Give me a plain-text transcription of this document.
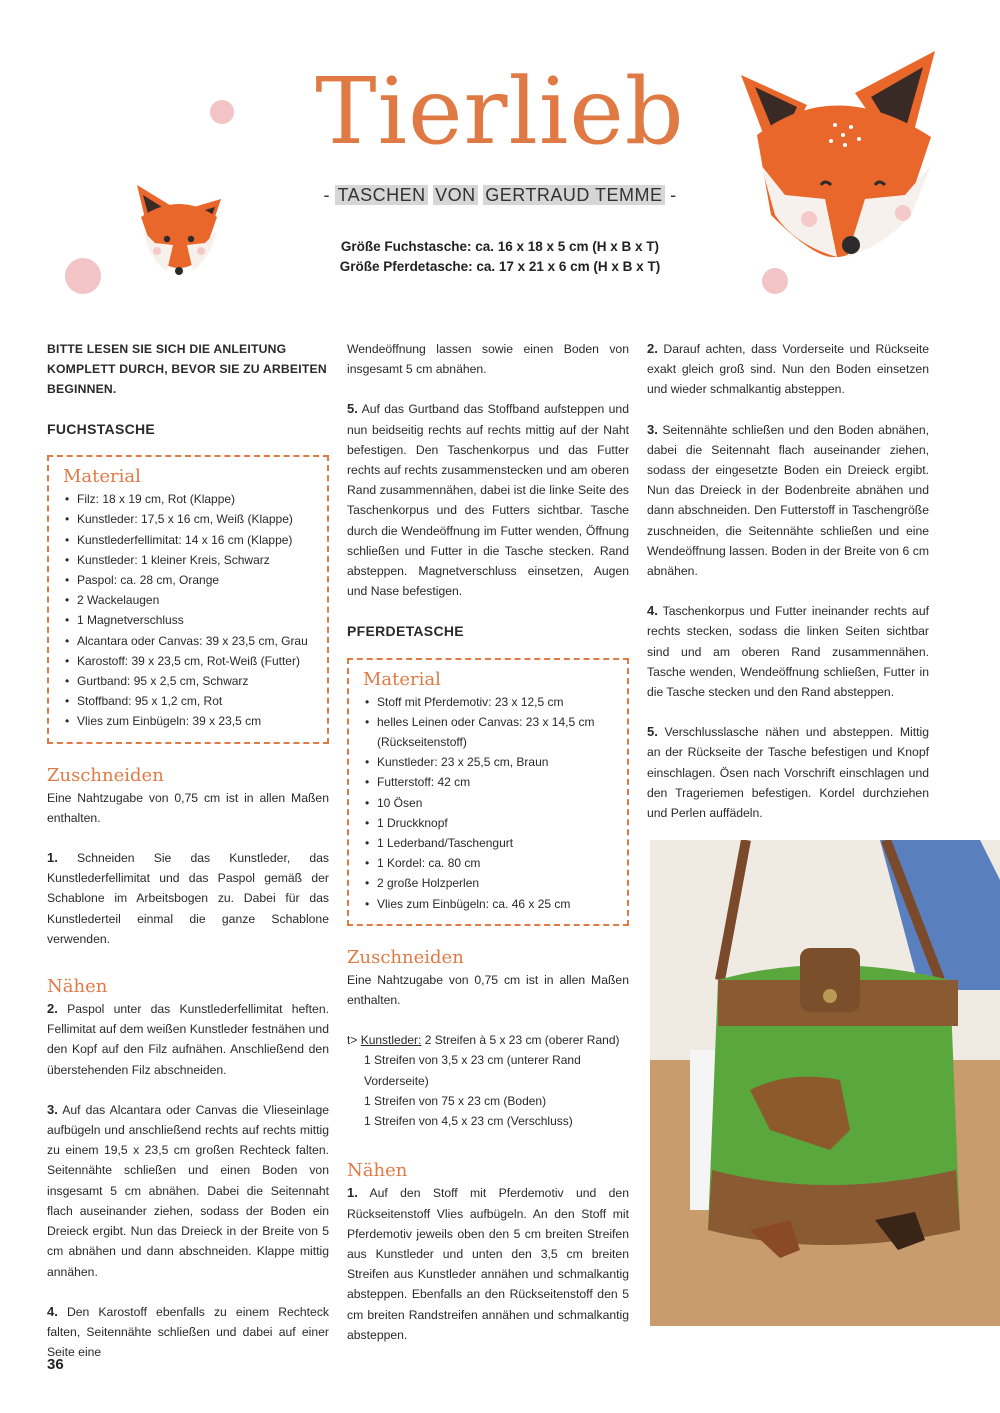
Tierlieb
- TASCHEN VON GERTRAUD TEMME -
Größe Fuchstasche: ca. 16 x 18 x 5 cm (H x B x T)
Größe Pferdetasche: ca. 17 x 21 x 6 cm (H x B x T)
BITTE LESEN SIE SICH DIE ANLEITUNG KOMPLETT DURCH, BEVOR SIE ZU ARBEITEN BEGINNEN.
FUCHSTASCHE
Material
• Filz: 18 x 19 cm, Rot (Klappe)
• Kunstleder: 17,5 x 16 cm, Weiß (Klappe)
• Kunstlederfellimitat: 14 x 16 cm (Klappe)
• Kunstleder: 1 kleiner Kreis, Schwarz
• Paspol: ca. 28 cm, Orange
• 2 Wackelaugen
• 1 Magnetverschluss
• Alcantara oder Canvas: 39 x 23,5 cm, Grau
• Karostoff: 39 x 23,5 cm, Rot-Weiß (Futter)
• Gurtband: 95 x 2,5 cm, Schwarz
• Stoffband: 95 x 1,2 cm, Rot
• Vlies zum Einbügeln: 39 x 23,5 cm
Zuschneiden

Eine Nahtzugabe von 0,75 cm ist in allen Maßen enthalten.

1. Schneiden Sie das Kunstleder, das Kunstlederfellimitat und das Paspol gemäß der Schablone im Arbeitsbogen zu. Dabei für das Kunstlederteil einmal die ganze Schablone verwenden.

Nähen

2. Paspol unter das Kunstlederfellimitat heften. Fellimitat auf dem weißen Kunstleder festnähen und den Kopf auf den Filz aufnähen. Anschließend den überstehenden Filz abschneiden.

3. Auf das Alcantara oder Canvas die Vlieseinlage aufbügeln und anschließend rechts auf rechts mittig zu einem 19,5 x 23,5 cm großen Rechteck falten. Seitennähte schließen und einen Boden von insgesamt 5 cm abnähen. Dabei die Seitennaht flach auseinander ziehen, sodass der Boden ein Dreieck ergibt. Nun das Dreieck in der Breite von 5 cm abnähen und dann abschneiden. Klappe mittig annähen.

4. Den Karostoff ebenfalls zu einem Rechteck falten, Seitennähte schließen und dabei auf einer Seite eine

Wendeöffnung lassen sowie einen Boden von insgesamt 5 cm abnähen.

5. Auf das Gurtband das Stoffband aufsteppen und nun beidseitig rechts auf rechts mittig auf der Naht befestigen. Den Taschenkorpus und das Futter rechts auf rechts zusammenstecken und am oberen Rand zusammennähen, dabei ist die linke Seite des Taschenkorpus und des Futters sichtbar. Tasche durch die Wendeöffnung im Futter wenden, Öffnung schließen und Futter in die Tasche stecken. Rand absteppen. Magnetverschluss einsetzen, Augen und Nase befestigen.

PFERDETASCHE
Material
• Stoff mit Pferdemotiv: 23 x 12,5 cm
• helles Leinen oder Canvas: 23 x 14,5 cm (Rückseitenstoff)
• Kunstleder: 23 x 25,5 cm, Braun
• Futterstoff: 42 cm
• 10 Ösen
• 1 Druckknopf
• 1 Lederband/Taschengurt
• 1 Kordel: ca. 80 cm
• 2 große Holzperlen
• Vlies zum Einbügeln: ca. 46 x 25 cm
Zuschneiden

Eine Nahtzugabe von 0,75 cm ist in allen Maßen enthalten.

t> Kunstleder: 2 Streifen à 5 x 23 cm (oberer Rand)
1 Streifen von 3,5 x 23 cm (unterer Rand
Vorderseite)
1 Streifen von 75 x 23 cm (Boden)
1 Streifen von 4,5 x 23 cm (Verschluss)
Nähen

1. Auf den Stoff mit Pferdemotiv und den Rückseitenstoff Vlies aufbügeln. An den Stoff mit Pferdemotiv jeweils oben den 5 cm breiten Streifen aus Kunstleder und unten den 3,5 cm breiten Streifen aus Kunstleder annähen und schmalkantig absteppen. Ebenfalls an den Rückseitenstoff den 5 cm breiten Randstreifen annähen und schmalkantig absteppen.

2. Darauf achten, dass Vorderseite und Rückseite exakt gleich groß sind. Nun den Boden einsetzen und wieder schmalkantig absteppen.

3. Seitennähte schließen und den Boden abnähen, dabei die Seitennaht flach auseinander ziehen, sodass der eingesetzte Boden ein Dreieck ergibt. Nun das Dreieck in der Bodenbreite abnähen und dann abschneiden. Den Futterstoff in Taschengröße zuschneiden, die Seitennähte schließen und eine Wendeöffnung lassen. Boden in der Breite von 6 cm abnähen.

4. Taschenkorpus und Futter ineinander rechts auf rechts stecken, sodass die linken Seiten sichtbar sind und am oberen Rand zusammennähen. Tasche wenden, Wendeöffnung schließen, Futter in die Tasche stecken und den Rand absteppen.

5. Verschlusslasche nähen und absteppen. Mittig an der Rückseite der Tasche befestigen und Knopf einschlagen. Ösen nach Vorschrift einschlagen und den Trageriemen befestigen. Kordel durchziehen und Perlen auffädeln.

36
